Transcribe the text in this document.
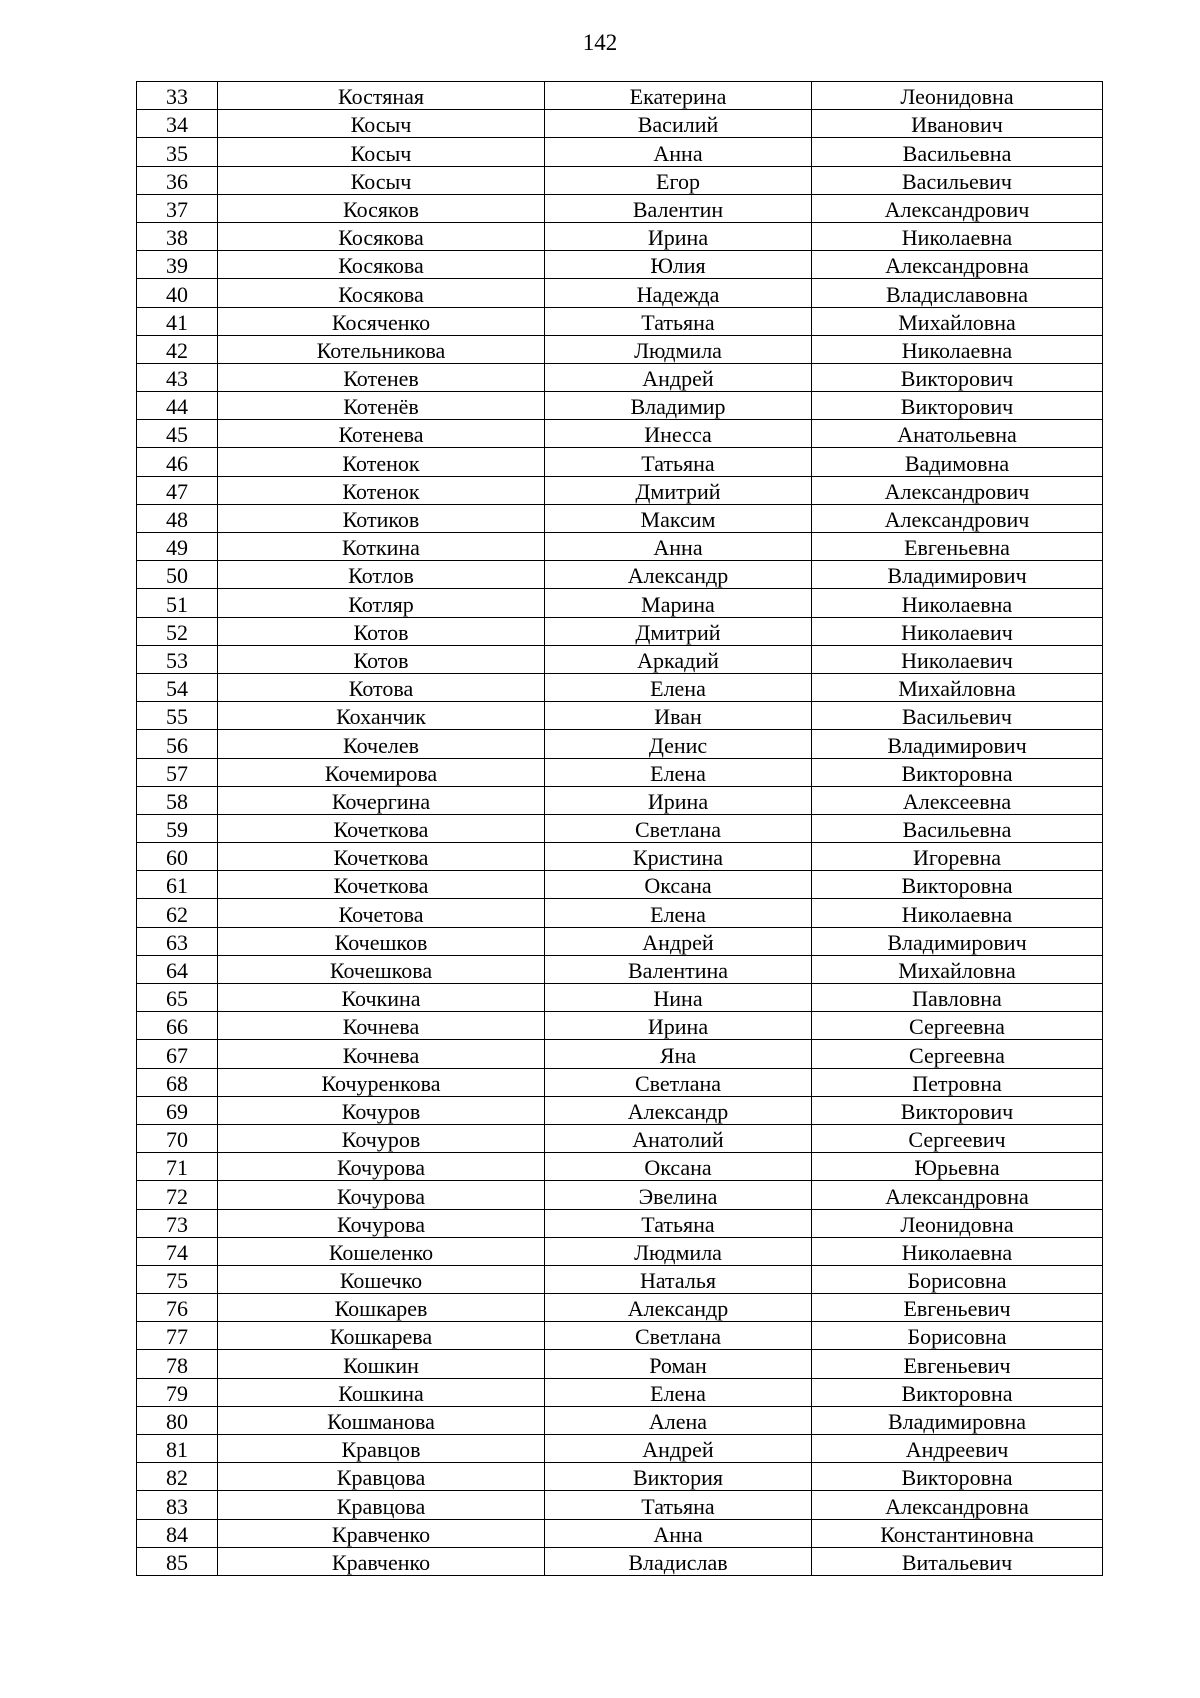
142
33	Костяная	Екатерина	Леонидовна
34	Косыч	Василий	Иванович
35	Косыч	Анна	Васильевна
36	Косыч	Егор	Васильевич
37	Косяков	Валентин	Александрович
38	Косякова	Ирина	Николаевна
39	Косякова	Юлия	Александровна
40	Косякова	Надежда	Владиславовна
41	Косяченко	Татьяна	Михайловна
42	Котельникова	Людмила	Николаевна
43	Котенев	Андрей	Викторович
44	Котенёв	Владимир	Викторович
45	Котенева	Инесса	Анатольевна
46	Котенок	Татьяна	Вадимовна
47	Котенок	Дмитрий	Александрович
48	Котиков	Максим	Александрович
49	Коткина	Анна	Евгеньевна
50	Котлов	Александр	Владимирович
51	Котляр	Марина	Николаевна
52	Котов	Дмитрий	Николаевич
53	Котов	Аркадий	Николаевич
54	Котова	Елена	Михайловна
55	Коханчик	Иван	Васильевич
56	Кочелев	Денис	Владимирович
57	Кочемирова	Елена	Викторовна
58	Кочергина	Ирина	Алексеевна
59	Кочеткова	Светлана	Васильевна
60	Кочеткова	Кристина	Игоревна
61	Кочеткова	Оксана	Викторовна
62	Кочетова	Елена	Николаевна
63	Кочешков	Андрей	Владимирович
64	Кочешкова	Валентина	Михайловна
65	Кочкина	Нина	Павловна
66	Кочнева	Ирина	Сергеевна
67	Кочнева	Яна	Сергеевна
68	Кочуренкова	Светлана	Петровна
69	Кочуров	Александр	Викторович
70	Кочуров	Анатолий	Сергеевич
71	Кочурова	Оксана	Юрьевна
72	Кочурова	Эвелина	Александровна
73	Кочурова	Татьяна	Леонидовна
74	Кошеленко	Людмила	Николаевна
75	Кошечко	Наталья	Борисовна
76	Кошкарев	Александр	Евгеньевич
77	Кошкарева	Светлана	Борисовна
78	Кошкин	Роман	Евгеньевич
79	Кошкина	Елена	Викторовна
80	Кошманова	Алена	Владимировна
81	Кравцов	Андрей	Андреевич
82	Кравцова	Виктория	Викторовна
83	Кравцова	Татьяна	Александровна
84	Кравченко	Анна	Константиновна
85	Кравченко	Владислав	Витальевич
